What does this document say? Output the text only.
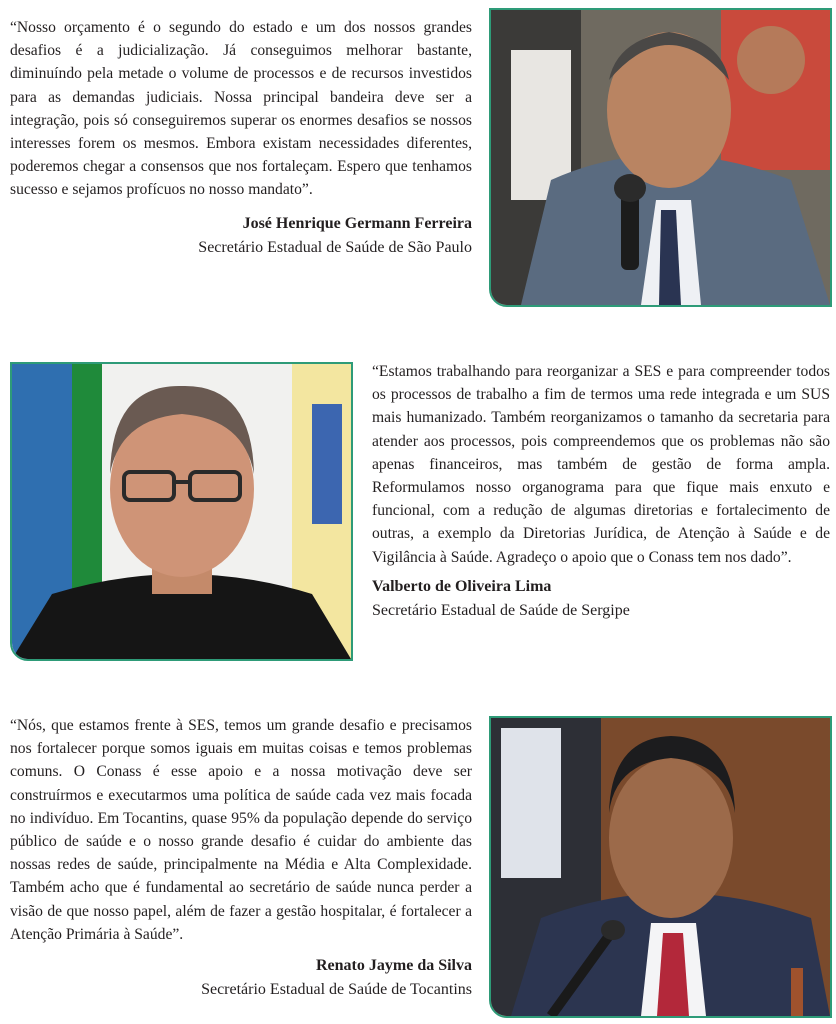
“Nosso orçamento é o segundo do estado e um dos nossos grandes desafios é a judicialização. Já conseguimos melhorar bastante, diminuíndo pela metade o volume de processos e de recursos investidos para as demandas judiciais. Nossa principal bandeira deve ser a integração, pois só conseguiremos superar os enormes desafios se nossos interesses forem os mesmos. Embora existam necessidades diferentes, poderemos chegar a consensos que nos fortaleçam. Espero que tenhamos sucesso e sejamos profícuos no nosso mandato”.

José Henrique Germann Ferreira

Secretário Estadual de Saúde de São Paulo

“Estamos trabalhando para reorganizar a SES e para compreender todos os processos de trabalho a fim de termos uma rede integrada e um SUS mais humanizado. Também reorganizamos o tamanho da secretaria para atender aos processos, pois compreendemos que os problemas não são apenas financeiros, mas também de gestão de forma ampla. Reformulamos nosso organograma para que fique mais enxuto e funcional, com a redução de algumas diretorias e fortalecimento de outras, a exemplo da Diretorias Jurídica, de Atenção à Saúde e de Vigilância à Saúde. Agradeço o apoio que o Conass tem nos dado”.

Valberto de Oliveira Lima

Secretário Estadual de Saúde de Sergipe

“Nós, que estamos frente à SES, temos um grande desafio e precisamos nos fortalecer porque somos iguais em muitas coisas e temos problemas comuns. O Conass é esse apoio e a nossa motivação deve ser construírmos e executarmos uma política de saúde cada vez mais focada no indivíduo. Em Tocantins, quase 95% da população depende do serviço público de saúde e o nosso grande desafio é cuidar do ambiente das nossas redes de saúde, principalmente na Média e Alta Complexidade. Também acho que é fundamental ao secretário de saúde nunca perder a visão de que nosso papel, além de fazer a gestão hospitalar, é fortalecer a Atenção Primária à Saúde”.

Renato Jayme da Silva

Secretário Estadual de Saúde de Tocantins
